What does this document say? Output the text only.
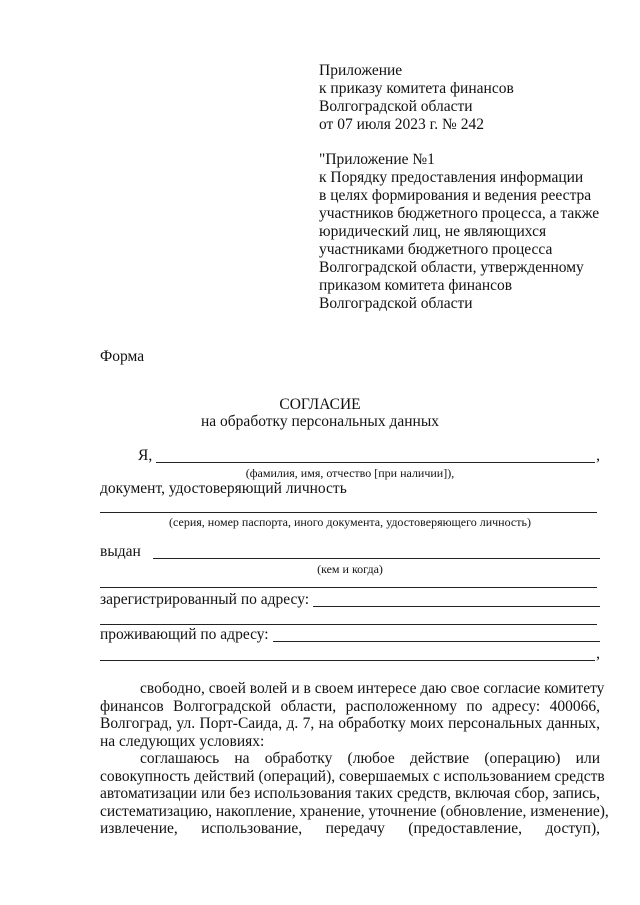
Приложение
к приказу комитета финансов
Волгоградской области
от 07 июля 2023 г. № 242
"Приложение №1
к Порядку предоставления информации
в целях формирования и ведения реестра
участников бюджетного процесса, а также
юридический лиц, не являющихся
участниками бюджетного процесса
Волгоградской области, утвержденному
приказом комитета финансов
Волгоградской области
Форма
СОГЛАСИЕ
на обработку персональных данных
Я,	,
(фамилия, имя, отчество [при наличии]),
документ, удостоверяющий личность
(серия, номер паспорта, иного документа, удостоверяющего личность)
выдан
(кем и когда)
зарегистрированный по адресу:
проживающий по адресу:
,
свободно, своей волей и в своем интересе даю свое согласие комитету
финансов Волгоградской области, расположенному по адресу: 400066,
Волгоград, ул. Порт-Саида, д. 7, на обработку моих персональных данных,
на следующих условиях:
соглашаюсь на обработку (любое действие (операцию) или
совокупность действий (операций), совершаемых с использованием средств
автоматизации или без использования таких средств, включая сбор, запись,
систематизацию, накопление, хранение, уточнение (обновление, изменение),
извлечение, использование, передачу (предоставление, доступ),
